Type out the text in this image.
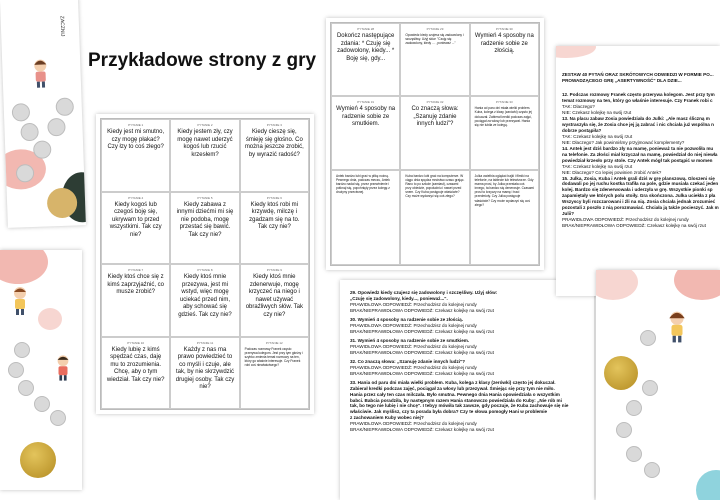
Przykładowe strony z gry
ZACZNIJ
PYTANIE 1
Kiedy jest mi smutno, czy mogę płakać? Czy łzy to coś złego?
PYTANIE 2
Kiedy jestem zły, czy mogę nawet uderzyć kogoś lub rzucić krzesłem?
PYTANIE 3
Kiedy cieszę się, śmieję się głośno. Co można jeszcze zrobić, by wyrazić radość?
PYTANIE 4
Kiedy kogoś lub czegoś boję się, ukrywam to przed wszystkimi. Tak czy nie?
PYTANIE 5
Kiedy zabawa z innymi dziećmi mi się nie podoba, mogę przestać się bawić. Tak czy nie?
PYTANIE 6
Kiedy ktoś robi mi krzywdę, milczę i zgadzam się na to. Tak czy nie?
PYTANIE 7
Kiedy ktoś chce się z kimś zaprzyjaźnić, co musze zrobić?
PYTANIE 8
Kiedy ktoś mnie przezywa, jest mi wstyd, więc mogę uciekać przed nim, aby schować się gdzieś. Tak czy nie?
PYTANIE 9
Kiedy ktoś mnie zdenerwuje, mogę krzyczeć na niego i nawet używać obraźliwych słów. Tak czy nie?
PYTANIE 10
Kiedy lubię z kimś spędzać czas, daję mu to zrozumienia. Chcę, aby o tym wiedział. Tak czy nie?
PYTANIE 11
Każdy z nas ma prawo powiedzieć to co myśli i czuje, ale tak, by nie skrzywdzić drugiej osoby. Tak czy nie?
PYTANIE 12
Podczas rozmowy Franek często przerywa kolegom. Jest przy tym głośny i szybko zmienia temat rozmowy na ten, który go właśnie interesuje. Czy Franek robi coś niewłaściwego?
PYTANIE 28
Dokończ następujące zdania: * Czuję się zadowolony, kiedy... * Boję się, gdy...
PYTANIE 29
Opowiedz kiedy czujesz się zadowolony i szczęśliwy. Użyj słów: "Czuję się zadowolony, kiedy ... , ponieważ ..."
PYTANIE 30
Wymień 4 sposoby na radzenie sobie ze złością.
PYTANIE 31
Wymień 4 sposoby na radzenie sobie ze smutkiem.
PYTANIE 32
Co znaczą słowa: „Szanuję zdanie innych ludzi"?
PYTANIE 33
Hania od paru dni miała wielki problem. Kuba, kolega z klasy (zarówki) często jej dokuczał. Zabierał kredki podczas zajęć, pociągał za włosy lub przezywał. Hania się nie lubiła ze kolegą.
Antek bardzo lubi grać w piłkę nożną. Pewnego dnia, podczas meczu, Antek bardzo nadal się, przez przewinienie i potknął się, popchnięty przez kolegę z drużyny przeciwnej.
Kuba bardzo lubi grać na komputerze. W ciągu dnia spędza mnóstwo czasu grając. Rano to po szkole (zamiast), czasami przy obiedzie, popołudniu i nawet przed snem. Czy Kuba postępuje właściwie? Czy może wydarzyć się coś złego?
Julka uwielbia oglądać bajki i filmiki na telefonie, na tablecie lub telewizorze. Gdy mama prosi, by Julka przestała coś innego, ta bardzo się denerwuje. Czasami prosi to krzyczy na mamę i traci przedmioty. Czy Julka postępuje właściwie? Czy może wydarzyć się coś złego?
29. Opowiedz kiedy czujesz się zadowolony i szczęśliwy. Użyj słów:
„Czuję się zadowolony, kiedy..., ponieważ...".
PRAWIDŁOWA ODPOWIEDŹ: Przechodzisz do kolejnej rundy
BRAK/NIEPRAWIDŁOWA ODPOWIEDŹ: Czekasz kolejkę na swój rzut
30. Wymień 4 sposoby na radzenie sobie ze złością.
PRAWIDŁOWA ODPOWIEDŹ: Przechodzisz do kolejnej rundy
BRAK/NIEPRAWIDŁOWA ODPOWIEDŹ: Czekasz kolejkę na swój rzut
31. Wymień 4 sposoby na radzenie sobie ze smutkiem.
PRAWIDŁOWA ODPOWIEDŹ: Przechodzisz do kolejnej rundy
BRAK/NIEPRAWIDŁOWA ODPOWIEDŹ: Czekasz kolejkę na swój rzut
32. Co znaczą słowa: „Szanuję zdanie innych ludzi"?
PRAWIDŁOWA ODPOWIEDŹ: Przechodzisz do kolejnej rundy
BRAK/NIEPRAWIDŁOWA ODPOWIEDŹ: Czekasz kolejkę na swój rzut
33. Hania od paru dni miała wielki problem. Kuba, kolega z klasy (zerówki) często jej dokuczał.
Zabierał kredki podczas zajęć, pociągał za włosy lub przezywał. Śmiejąc się przy tym nie miło.
Hania przez cały ten czas milczała. Było smutna. Pewnego dnia Hania opowiedziała o wszystkim
babci. Babcia poradziła, by następnym razem Hania stanowczo powiedziała do Kuby: „Nie rób mi
tak, bo tego nie lubię i nie chcę". I tebyy mówiła tak zawsze, gdy poczuje, że Kuba zachowuje się nie
właściwie. Jak myślisz, czy ta porada była dobra? Czy te słowa pomogły Hani w problemie
z zachowaniem Kuby wobec niej?
PRAWIDŁOWA ODPOWIEDŹ: Przechodzisz do kolejnej rundy
BRAK/NIEPRAWIDŁOWA ODPOWIEDŹ: Czekasz kolejkę na swój rzut
ZESTAW 40 PYTAŃ ORAZ SKRÓTOWYCH ODWIEDZI W FORMIE PO... PROWADZĄCEGO GRĘ „ASERTYWNOŚĆ" DLA DZIE...
12. Podczas rozmowy Franek często przerywa kolegom. Jest przy tym
temat rozmowy na ten, który go właśnie interesuje. Czy Franek robi c
TAK: Dlaczego?
NIE: Czekasz kolejkę na swój rzut
13. Na placu zabaw Zosia powiedziała do Julki: „Ale masz śliczną m
wystraszyła się, że Zosia chce jej ją zabrać i nic chciała już wspólna n
dobrze postąpiła?
TAK: Czekasz kolejkę na swój rzut
NIE: Dlaczego? Jak powinniśmy przyjmować komplementy?
14. Antek jest dziś bardzo zły na mamę, ponieważ ta nie pozwoliła mu
na telefonie. Za złości miał krzyczał na mamę, powiedział do niej niewła
powiedział krzesło przy stole. Czy Antek mógł tak postąpić w momen
TAK: Czekasz kolejkę na swój rzut
NIE: Dlaczego? Co lepiej powinien zrobić Antek?
15. Julka, Zosia, Kuba i Antek grali dziś w grę planszową. Gloszeni się
dodawali po jej ruchu kostka trafiła na pole, gdzie musiała czekać jeden
kolej. Bardzo się zdenerwowała i uderzyła w grę. Wszystkie pionki sp
zapamiętały we których polu stoiły. Gra skończona. Julka uciekła z pła
Wszyscy byli rozczarowani i źli na nią. Zosia chciała jednak zrozumieć
pozostali z poszło z nią porozmawiać. Chciała ją także pocieszyć. Jak m
Julii?
PRAWIDŁOWA ODPOWIEDŹ: Przechodzisz do kolejnej rundy
BRAK/NIEPRAWIDŁOWA ODPOWIEDŹ: Czekasz kolejkę na swój rzut
